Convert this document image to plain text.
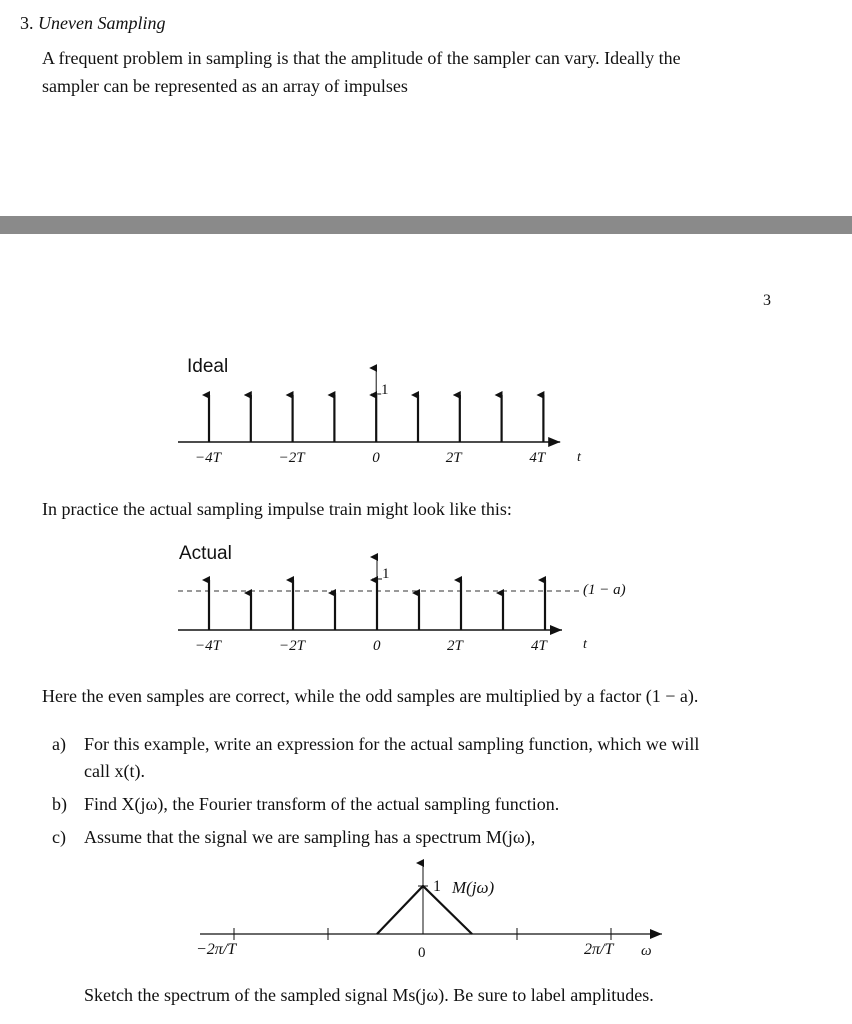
3. Uneven Sampling
A frequent problem in sampling is that the amplitude of the sampler can vary. Ideally the
sampler can be represented as an array of impulses
3
Ideal
1
−4T	−2T	0	2T	4T t
In practice the actual sampling impulse train might look like this:
Actual
1
(1 − a)
−4T	−2T	0	2T	4T	t
Here the even samples are correct, while the odd samples are multiplied by a factor (1 − a).
a) For this example, write an expression for the actual sampling function, which we will
call x(t).
b) Find X(jω), the Fourier transform of the actual sampling function.
c) Assume that the signal we are sampling has a spectrum M(jω),
1 M(jω)
−2π/T	0	2π/T ω
Sketch the spectrum of the sampled signal Ms(jω). Be sure to label amplitudes.
